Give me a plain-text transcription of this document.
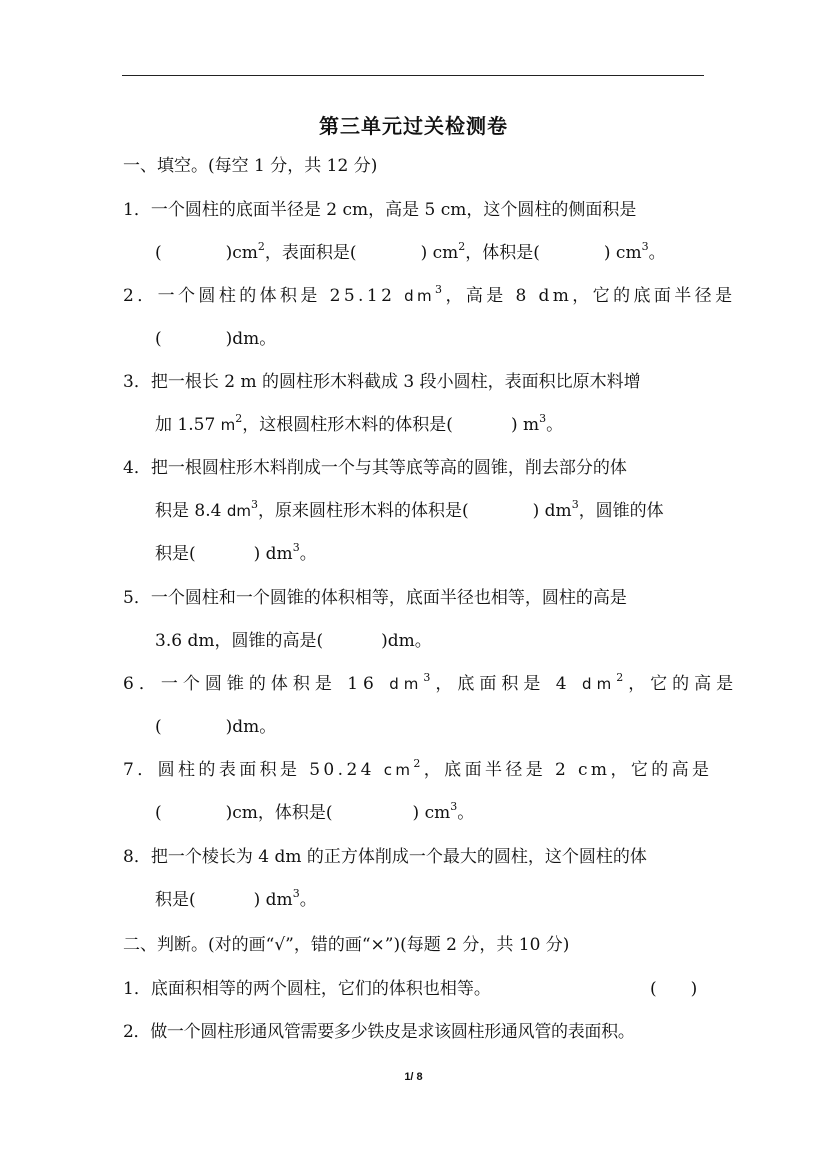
第三单元过关检测卷
一、填空。(每空 1 分，共 12 分)
1．一个圆柱的底面半径是 2 cm，高是 5 cm，这个圆柱的侧面积是
(	)$cm^2$，表面积是(	) $cm^2$，体积是(	) $cm^3$。
2．一个圆柱的体积是 25.12 $dm^3$，高是 8 dm，它的底面半径是
(	)dm。
3．把一根长 2 m 的圆柱形木料截成 3 段小圆柱，表面积比原木料增
加 1.57 $m^2$，这根圆柱形木料的体积是(	) $m^3$。
4．把一根圆柱形木料削成一个与其等底等高的圆锥，削去部分的体
积是 8.4 $dm^3$，原来圆柱形木料的体积是(	) $dm^3$，圆锥的体
积是(	) $dm^3$。
5．一个圆柱和一个圆锥的体积相等，底面半径也相等，圆柱的高是
3.6 dm，圆锥的高是(	)dm。
6．一个圆锥的体积是 16 $dm^3$，底面积是 4 $dm^2$，它的高是
(	)dm。
7．圆柱的表面积是 50.24 $cm^2$，底面半径是 2 cm，它的高是
(	)cm，体积是(	) $cm^3$。
8．把一个棱长为 4 dm 的正方体削成一个最大的圆柱，这个圆柱的体
积是(	) $dm^3$。
二、判断。(对的画“√”，错的画“×”)(每题 2 分，共 10 分)
1．底面积相等的两个圆柱，它们的体积也相等。	(　　)
2．做一个圆柱形通风管需要多少铁皮是求该圆柱形通风管的表面积。
1/ 8
